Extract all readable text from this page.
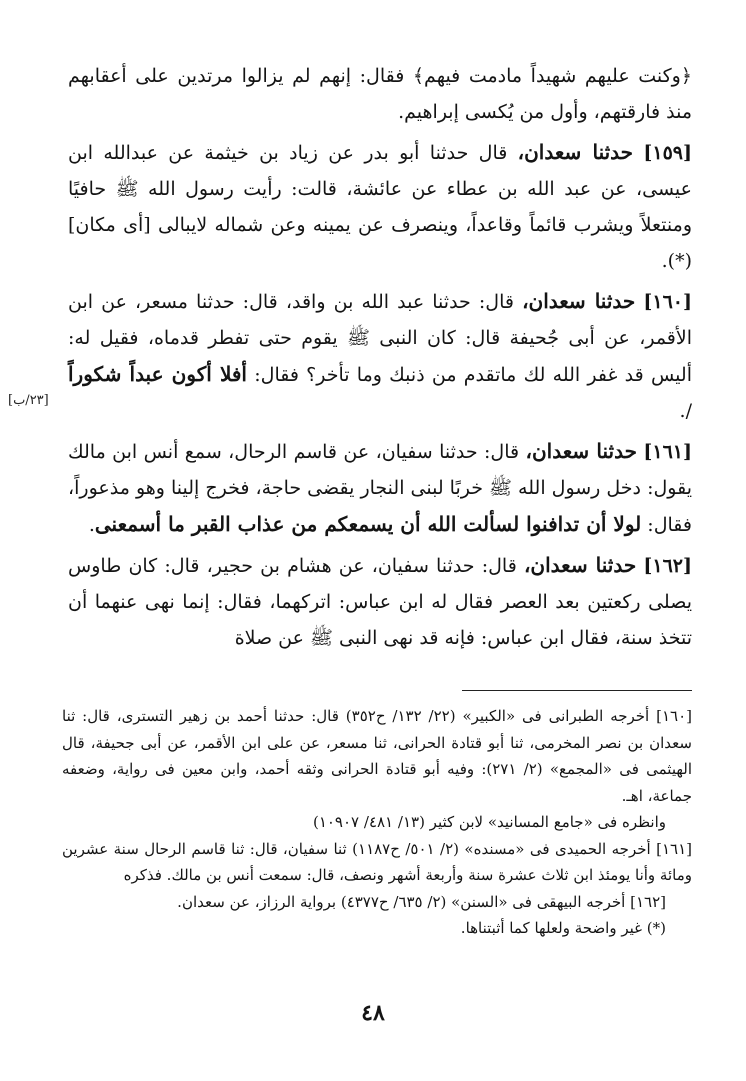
﴿وكنت عليهم شهيداً مادمت فيهم﴾ فقال: إنهم لم يزالوا مرتدين على أعقابهم منذ فارقتهم، وأول من يُكسى إبراهيم.

[١٥٩] حدثنا سعدان، قال حدثنا أبو بدر عن زياد بن خيثمة عن عبدالله ابن عيسى، عن عبد الله بن عطاء عن عائشة، قالت: رأيت رسول الله ﷺ حافيًا ومنتعلاً ويشرب قائماً وقاعداً، وينصرف عن يمينه وعن شماله لايبالى [أى مكان](*).

[١٦٠] حدثنا سعدان، قال: حدثنا عبد الله بن واقد، قال: حدثنا مسعر، عن ابن الأقمر، عن أبى جُحيفة قال: كان النبى ﷺ يقوم حتى تفطر قدماه، فقيل له: أليس قد غفر الله لك ماتقدم من ذنبك وما تأخر؟ فقال: أفلا أكون عبداً شكوراً /.

[١٦١] حدثنا سعدان، قال: حدثنا سفيان، عن قاسم الرحال، سمع أنس ابن مالك يقول: دخل رسول الله ﷺ خربًا لبنى النجار يقضى حاجة، فخرج إلينا وهو مذعوراً، فقال: لولا أن تدافنوا لسألت الله أن يسمعكم من عذاب القبر ما أسمعنى.

[١٦٢] حدثنا سعدان، قال: حدثنا سفيان، عن هشام بن حجير، قال: كان طاوس يصلى ركعتين بعد العصر فقال له ابن عباس: اتركهما، فقال: إنما نهى عنهما أن تتخذ سنة، فقال ابن عباس: فإنه قد نهى النبى ﷺ عن صلاة

[٢٣/ب]

[١٦٠] أخرجه الطبرانى فى «الكبير» (٢٢/ ١٣٢/ ح٣٥٢) قال: حدثنا أحمد بن زهير التسترى، قال: ثنا سعدان بن نصر المخرمى، ثنا أبو قتادة الحرانى، ثنا مسعر، عن على ابن الأقمر، عن أبى جحيفة، قال الهيثمى فى «المجمع» (٢/ ٢٧١): وفيه أبو قتادة الحرانى وثقه أحمد، وابن معين فى رواية، وضعفه جماعة، اهـ.

وانظره فى «جامع المسانيد» لابن كثير (١٣/ ٤٨١/ ١٠٩٠٧)

[١٦١] أخرجه الحميدى فى «مسنده» (٢/ ٥٠١/ ح١١٨٧) ثنا سفيان، قال: ثنا قاسم الرحال سنة عشرين ومائة وأنا يومئذ ابن ثلاث عشرة سنة وأربعة أشهر ونصف، قال: سمعت أنس بن مالك. فذكره

[١٦٢] أخرجه البيهقى فى «السنن» (٢/ ٦٣٥/ ح٤٣٧٧) برواية الرزاز، عن سعدان.

(*) غير واضحة ولعلها كما أثبتناها.

٤٨
